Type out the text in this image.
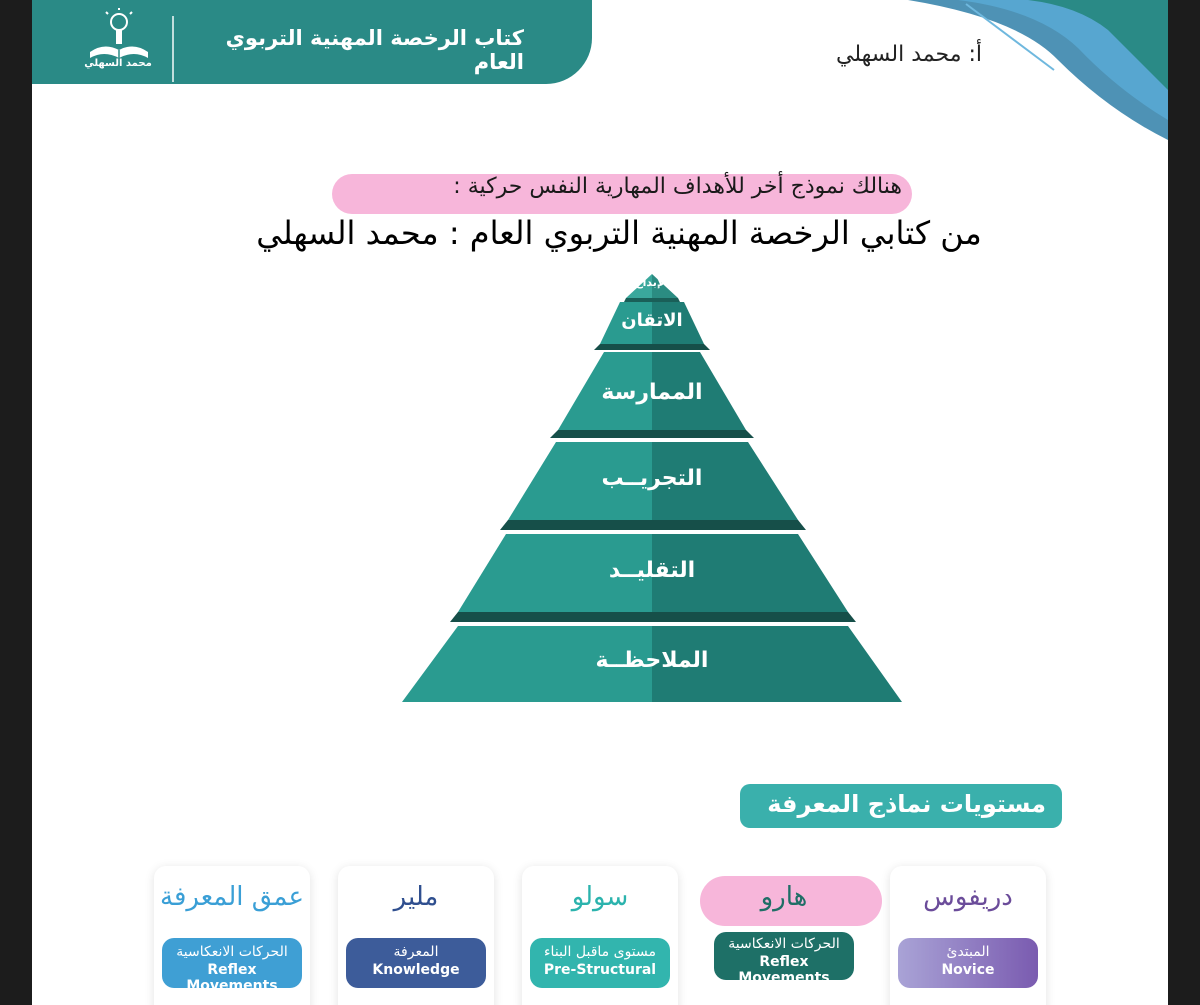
محمد السهلي
كتاب الرخصة المهنية التربوي العام	أ: محمد السهلي
هنالك نموذج أخر للأهداف المهارية النفس حركية :
من كتابي الرخصة المهنية التربوي العام : محمد السهلي
الإبداع
الاتقان
الممارسة
التجريــب
التقليــد
الملاحظــة
مستويات نماذج المعرفة
عمق المعرفة
الحركات الانعكاسية
Reflex Movements
ملير
المعرفة
Knowledge
سولو
مستوى ماقبل البناء
Pre-Structural
هارو
الحركات الانعكاسية
Reflex Movements
دريفوس
المبتدئ
Novice
